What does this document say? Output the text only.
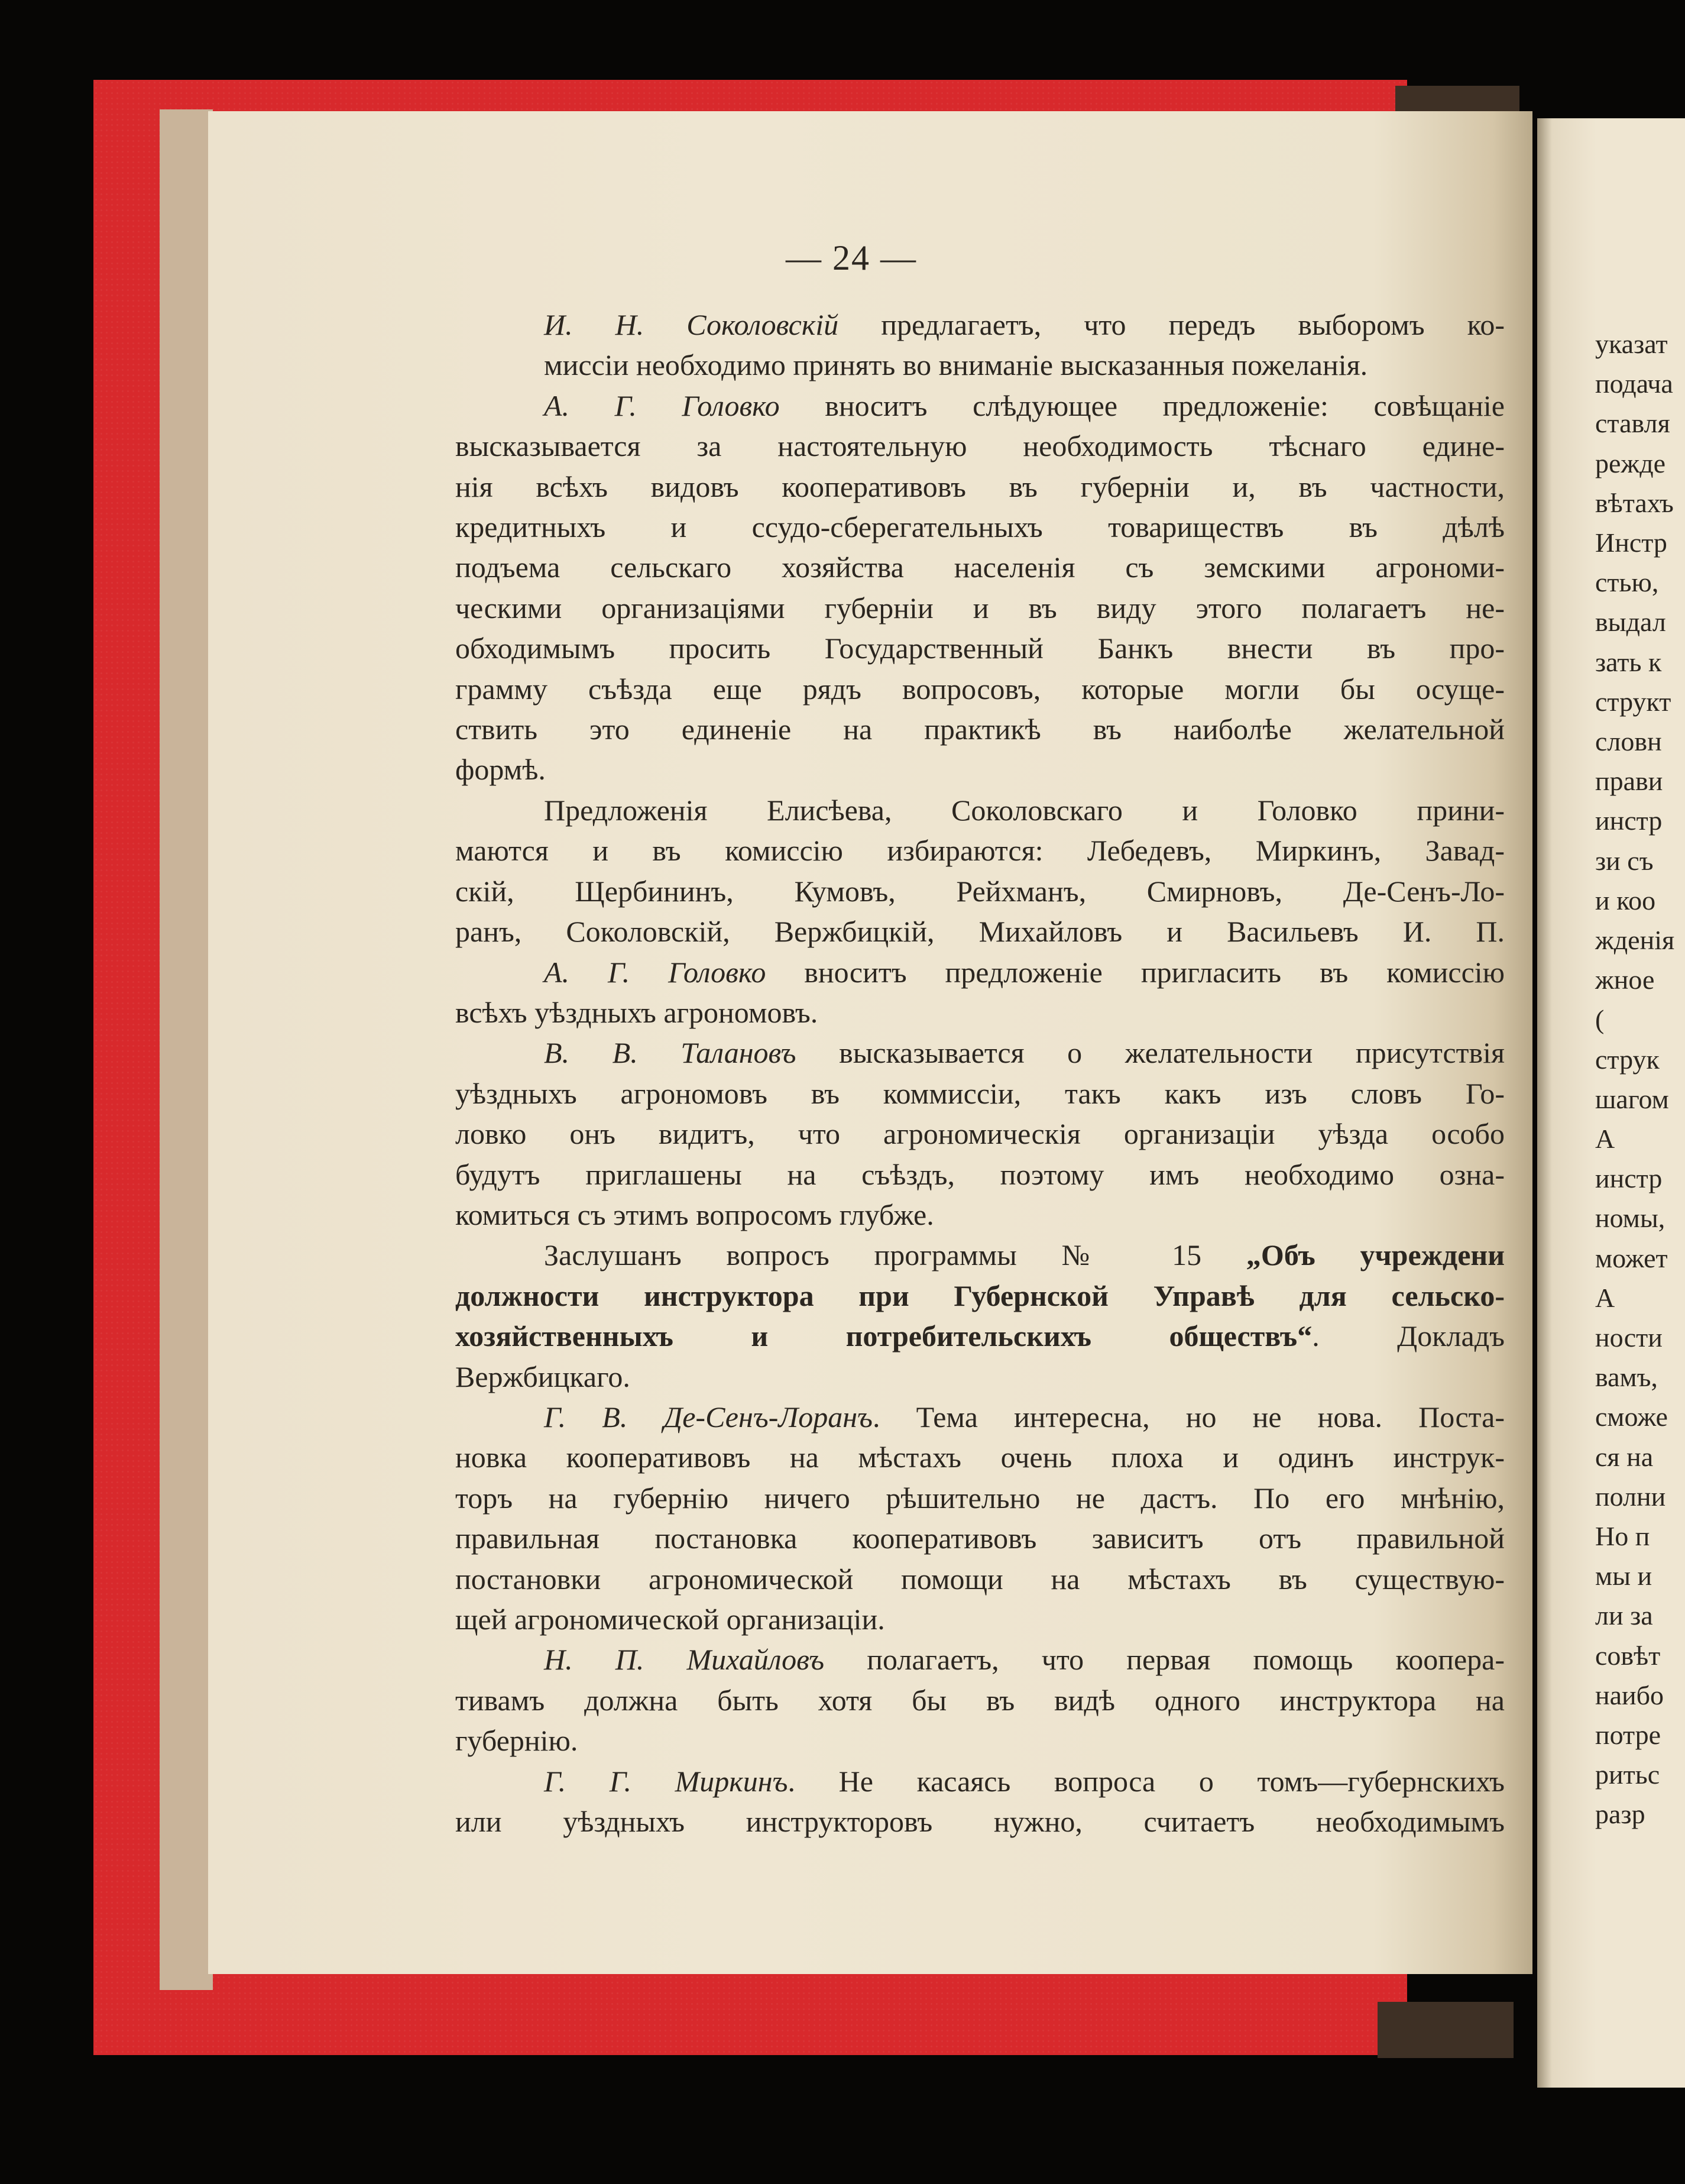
указат
подача
ставля
режде
вѣтахъ
Инстр
стью,
выдал
зать к
структ
словн
прави
инстр
зи съ
и коо
жденія
жное
(
струк
шагом
А
инстр
номы,
может
А
ности
вамъ,
сможе
ся на
полни
Но п
мы и
ли за
совѣт
наибо
потре
ритьс
разр
— 24 —

И. Н. Соколовскій предлагаетъ, что передъ выборомъ ко-
миссіи необходимо принять во вниманіе высказанныя пожеланія.

А. Г. Головко вноситъ слѣдующее предложеніе: совѣщаніе
высказывается за настоятельную необходимость тѣснаго едине-
нія всѣхъ видовъ кооперативовъ въ губерніи и, въ частности,
кредитныхъ и ссудо-сберегательныхъ товариществъ въ дѣлѣ
подъема сельскаго хозяйства населенія съ земскими агрономи-
ческими организаціями губерніи и въ виду этого полагаетъ не-
обходимымъ просить Государственный Банкъ внести въ про-
грамму съѣзда еще рядъ вопросовъ, которые могли бы осуще-
ствить это единеніе на практикѣ въ наиболѣе желательной
формѣ.

Предложенія Елисѣева, Соколовскаго и Головко прини-
маются и въ комиссію избираются: Лебедевъ, Миркинъ, Завад-
скій, Щербининъ, Кумовъ, Рейхманъ, Смирновъ, Де-Сенъ-Ло-
ранъ, Соколовскій, Вержбицкій, Михайловъ и Васильевъ И. П.

А. Г. Головко вноситъ предложеніе пригласить въ комиссію
всѣхъ уѣздныхъ агрономовъ.

В. В. Талановъ высказывается о желательности присутствія
уѣздныхъ агрономовъ въ коммиссіи, такъ какъ изъ словъ Го-
ловко онъ видитъ, что агрономическія организаціи уѣзда особо
будутъ приглашены на съѣздъ, поэтому имъ необходимо озна-
комиться съ этимъ вопросомъ глубже.

Заслушанъ вопросъ программы № 15 „Объ учреждени
должности инструктора при Губернской Управѣ для сельско-
хозяйственныхъ и потребительскихъ обществъ“. Докладъ
Вержбицкаго.

Г. В. Де-Сенъ-Лоранъ. Тема интересна, но не нова. Поста-
новка кооперативовъ на мѣстахъ очень плоха и одинъ инструк-
торъ на губернію ничего рѣшительно не дастъ. По его мнѣнію,
правильная постановка кооперативовъ зависитъ отъ правильной
постановки агрономической помощи на мѣстахъ въ существую-
щей агрономической организаціи.

Н. П. Михайловъ полагаетъ, что первая помощь коопера-
тивамъ должна быть хотя бы въ видѣ одного инструктора на
губернію.

Г. Г. Миркинъ. Не касаясь вопроса о томъ—губернскихъ
или уѣздныхъ инструкторовъ нужно, считаетъ необходимымъ
